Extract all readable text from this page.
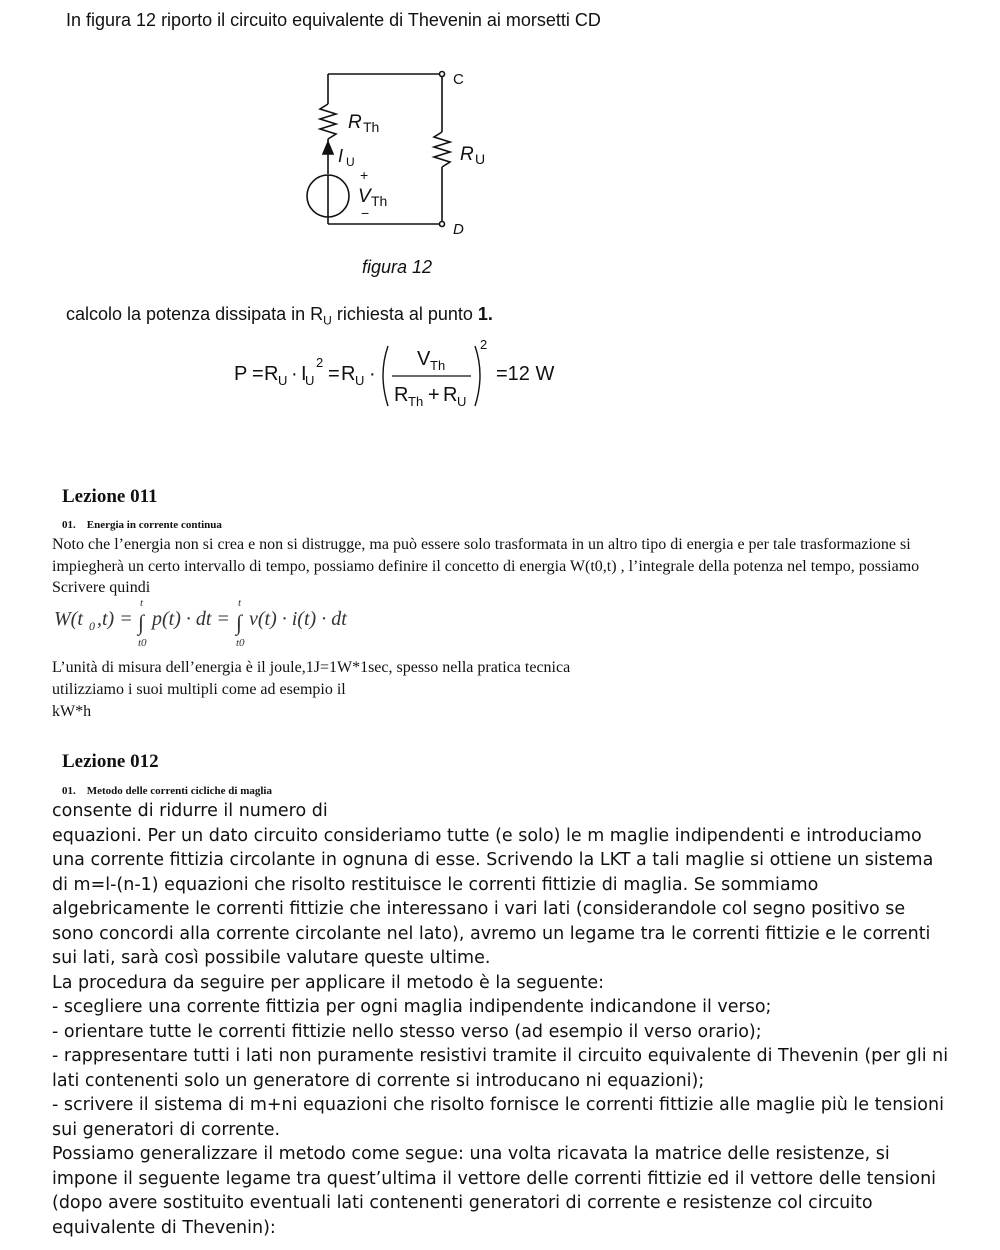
In figura 12 riporto il circuito equivalente di Thevenin ai morsetti CD
C
D
R Th
R U
I U
+
V Th
−
figura 12
calcolo la potenza dissipata in $R_U$ richiesta al punto 1.
P = R U · I
U
2
= R U ·
V Th
R Th + R U
2
=12 W
Lezione 011
01.    Energia in corrente continua
Noto che l’energia non si crea e non si distrugge, ma può essere solo trasformata in un altro tipo di energia e per tale trasformazione si impiegherà un certo intervallo di tempo, possiamo definire il concetto di energia W(t0,t) , l’integrale della potenza nel tempo, possiamo Scrivere quindi
W(t 0 ,t) =
t
∫
t0
p(t) · dt =
t
∫
t0
v(t) · i(t) · dt
L’unità di misura dell’energia è il joule,1J=1W*1sec, spesso nella pratica tecnica
utilizziamo i suoi multipli come ad esempio il
kW*h
Lezione 012
01.    Metodo delle correnti cicliche di maglia

consente di ridurre il numero di

equazioni. Per un dato circuito consideriamo tutte (e solo) le m maglie indipendenti e introduciamo una corrente fittizia circolante in ognuna di esse. Scrivendo la LKT a tali maglie si ottiene un sistema di m=l-(n-1) equazioni che risolto restituisce le correnti fittizie di maglia. Se sommiamo algebricamente le correnti fittizie che interessano i vari lati (considerandole col segno positivo se sono concordi alla corrente circolante nel lato), avremo un legame tra le correnti fittizie e le correnti sui lati, sarà così possibile valutare queste ultime.

La procedura da seguire per applicare il metodo è la seguente:

- scegliere una corrente fittizia per ogni maglia indipendente indicandone il verso;

- orientare tutte le correnti fittizie nello stesso verso (ad esempio il verso orario);

- rappresentare tutti i lati non puramente resistivi tramite il circuito equivalente di Thevenin (per gli ni lati contenenti solo un generatore di corrente si introducano ni equazioni);

- scrivere il sistema di m+ni equazioni che risolto fornisce le correnti fittizie alle maglie più le tensioni sui generatori di corrente.

Possiamo generalizzare il metodo come segue: una volta ricavata la matrice delle resistenze, si impone il seguente legame tra quest’ultima il vettore delle correnti fittizie ed il vettore delle tensioni (dopo avere sostituito eventuali lati contenenti generatori di corrente e resistenze col circuito equivalente di Thevenin):
